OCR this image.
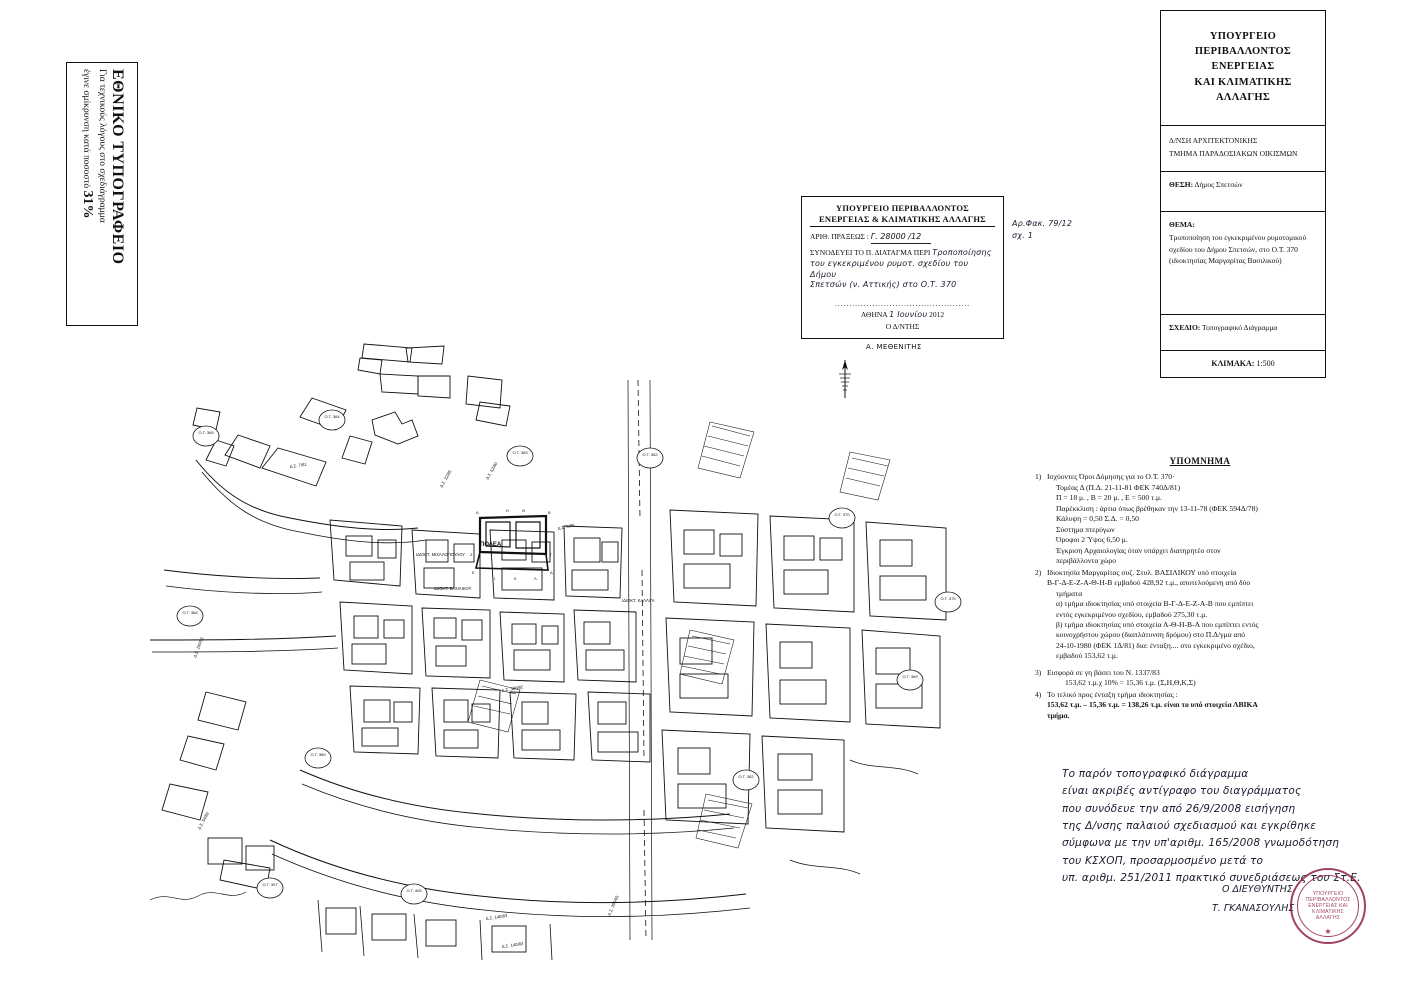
ΕΘΝΙΚΟ ΤΥΠΟΓΡΑΦΕΙΟ
Για τεχνικούς λόγους στο σχεδιάγραμμα
έγινε σμίκρυνση κατά ποσοστό 31%	ΥΠΟΥΡΓΕΙΟ ΠΕΡΙΒΑΛΛΟΝΤΟΣ
ΕΝΕΡΓΕΙΑΣ & ΚΛΙΜΑΤΙΚΗΣ ΑΛΛΑΓΗΣ
ΑΡΙΘ. ΠΡΑΞΕΩΣ : Γ. 28000 /12
ΣΥΝΟΔΕΥΕΙ ΤΟ Π. ΔΙΑΤΑΓΜΑ ΠΕΡΙ Τροποποίησης
του εγκεκριμένου ρυμοτ. σχεδίου του Δήμου
Σπετσών (ν. Αττικής) στο Ο.Τ. 370
...............................................
ΑΘΗΝΑ 1 Ιουνίου 2012
Ο Δ/ΝΤΗΣ
Αρ.Φακ. 79/12
σχ. 1
Α. ΜΕΘΕΝΙΤΗΣ
ΥΠΟΥΡΓΕΙΟ
ΠΕΡΙΒΑΛΛΟΝΤΟΣ
ΕΝΕΡΓΕΙΑΣ
ΚΑΙ ΚΛΙΜΑΤΙΚΗΣ
ΑΛΛΑΓΗΣ
Δ/ΝΣΗ ΑΡΧΙΤΕΚΤΟΝΙΚΗΣ
ΤΜΗΜΑ ΠΑΡΑΔΟΣΙΑΚΩΝ ΟΙΚΙΣΜΩΝ
ΘΕΣΗ: Δήμος Σπετσών
ΘΕΜΑ:
Τροποποίηση του εγκεκριμένου ρυμοτομικού σχεδίου του Δήμου Σπετσών, στο Ο.Τ. 370 (ιδιοκτησίας Μαργαρίτας Βασιλικού)
ΣΧΕΔΙΟ: Τοπογραφικό Διάγραμμα
ΚΛΙΜΑΚΑ:
1:500
ΥΠΟΜΝΗΜΑ
1) Ισχύοντες Όροι Δόμησης για το Ο.Τ. 370·
Τομέας Δ (Π.Δ. 21-11-81 ΦΕΚ 740Δ/81)
Π = 18 μ. , Β = 20 μ. , Ε = 500 τ.μ.
Παρέκκλιση : άρτια όπως βρέθηκαν την 13-11-78 (ΦΕΚ 594Δ/78)
Κάλυψη = 0,50 Σ.Δ. = 0,50
Σύστημα πτερύγων
Όροφοι 2 Ύψος 6,50 μ.
Έγκριση Αρχαιολογίας όταν υπάρχει διατηρητέο στον
περιβάλλοντα χώρο
2) Ιδιοκτησία Μαργαρίτας συζ. Στυλ. ΒΑΣΙΛΙΚΟΥ υπό στοιχεία
Β-Γ-Δ-Ε-Ζ-Α-Θ-Η-Β εμβαδού 428,92 τ.μ., αποτελούμενη από δύο
τμήματα
α) τμήμα ιδιοκτησίας υπό στοιχεία Β-Γ-Δ-Ε-Ζ-Α-Β που εμπίπτει
εντός εγκεκριμένου σχεδίου, εμβαδού 275,30 τ.μ.
β) τμήμα ιδιοκτησίας υπό στοιχεία Α-Θ-Η-Β-Α που εμπίπτει εντός
κοινοχρήστου χώρου (διαπλάτυνση δρόμου) στο Π.Δ/γμα από
24-10-1980 (ΦΕΚ 1Δ/81) δια: ένταξη.... στο εγκεκριμένο σχέδιο,
εμβαδού 153,62 τ.μ.
3) Εισφορά σε γη βάσει του Ν. 1337/83
153,62 τ.μ.χ 10% = 15,36 τ.μ. (Σ,Η,Θ,Κ,Σ)
4) Το τελικό προς ένταξη τμήμα ιδιοκτησίας :
153,62 τ.μ. – 15,36 τ.μ. = 138,26 τ.μ. είναι το υπό στοιχεία ΛΒΙΚΑ
τμήμα.
Το παρόν τοπογραφικό διάγραμμα
είναι ακριβές αντίγραφο του διαγράμματος
που συνόδευε την από 26/9/2008 εισήγηση
της Δ/νσης παλαιού σχεδιασμού και εγκρίθηκε
σύμφωνα με την υπ'αριθμ. 165/2008 γνωμοδότηση
του ΚΣΧΟΠ, προσαρμοσμένο μετά το
υπ. αριθμ. 251/2011 πρακτικό συνεδριάσεως του Στ.Ε.
Ο ΔΙΕΥΘΥΝΤΗΣ
Τ. ΓΚΑΝΑΣΟΥΛΗΣ
ΥΠΟΥΡΓΕΙΟ ΠΕΡΙΒΑΛΛΟΝΤΟΣ ΕΝΕΡΓΕΙΑΣ ΚΑΙ ΚΛΙΜΑΤΙΚΗΣ ΑΛΛΑΓΗΣ
★
Ο.Τ. 365
Ο.Τ. 364
Ο.Τ. 363	Ο.Τ. 362
Ο.Τ. 370
Ο.Τ. 366
Ο.Τ. 369
Ο.Τ. 375
Ο.Τ. 382
Ο.Τ. 389
Ο.Τ. 397
Ο.Τ. 405
Δ.Σ. 7/81
Δ.Σ. 32/85	Δ.Σ. 52/80
Δ.Σ. 6/95
Δ.Σ. 100/81
Δ.Σ. 380/82
Δ.Σ. 54/82
Δ.Σ. 148/83
Δ.Σ. 140/83
Δ.Σ. 300/85
ΠΟΛΕΑ
ΙΔΙΟΚΤ. ΜΙΧΑΛΟΠΟΥΛΟΥ
ΙΔΙΟΚΤ. ΒΑΣΙΛΙΚΟΥ
ΙΔΙΟΚΤ. ΚΑΛΛΙΓΑ
Α	Β
Γ
Δ
Ε
Ζ
Η	Θ
Ι	Κ	Λ
